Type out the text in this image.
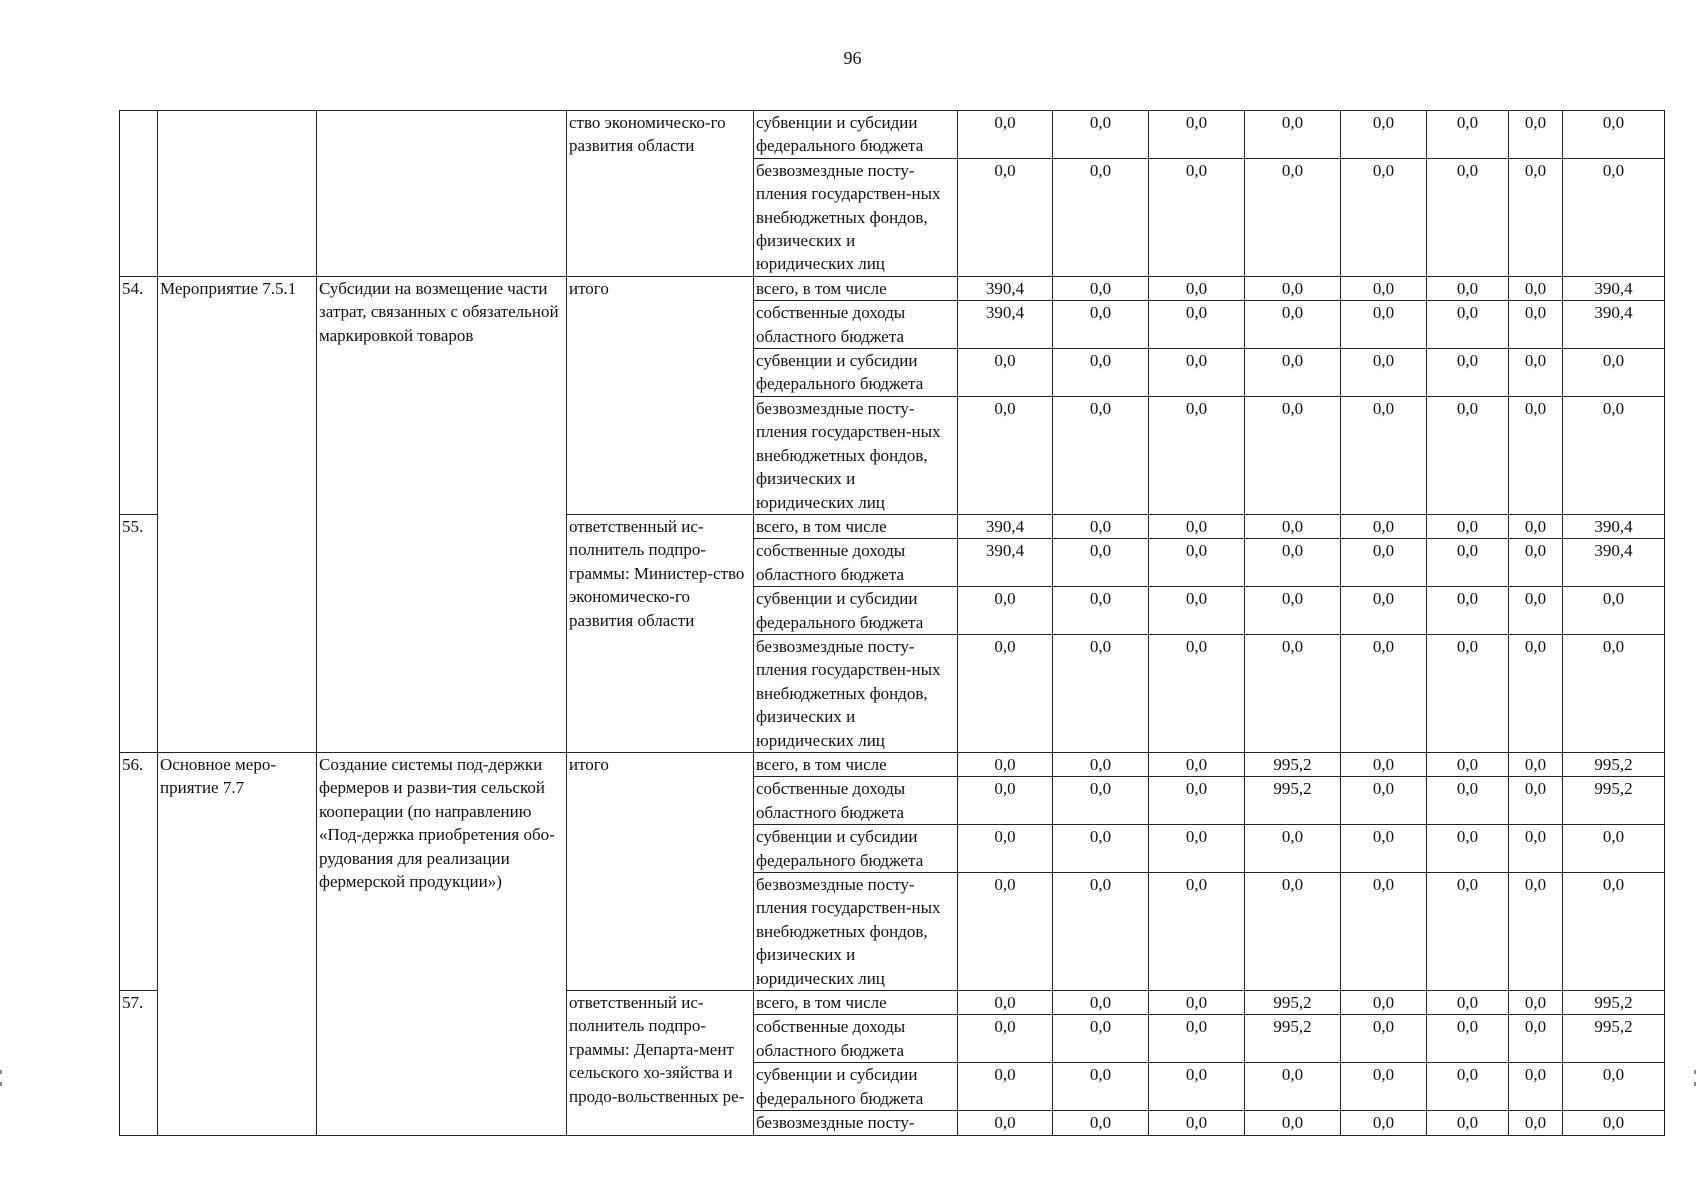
96
			ство экономическо-го развития области	субвенции и субсидии федерального бюджета	0,0	0,0	0,0	0,0	0,0	0,0	0,0	0,0
				безвозмездные посту-пления государствен-ных внебюджетных фондов, физических и юридических лиц	0,0	0,0	0,0	0,0	0,0	0,0	0,0	0,0
54.	Мероприятие 7.5.1	Субсидии на возмещение части затрат, связанных с обязательной маркировкой товаров	итого	всего, в том числе	390,4	0,0	0,0	0,0	0,0	0,0	0,0	390,4
				собственные доходы областного бюджета	390,4	0,0	0,0	0,0	0,0	0,0	0,0	390,4
				субвенции и субсидии федерального бюджета	0,0	0,0	0,0	0,0	0,0	0,0	0,0	0,0
				безвозмездные посту-пления государствен-ных внебюджетных фондов, физических и юридических лиц	0,0	0,0	0,0	0,0	0,0	0,0	0,0	0,0
55.			ответственный ис-полнитель подпро-граммы: Министер-ство экономическо-го развития области	всего, в том числе	390,4	0,0	0,0	0,0	0,0	0,0	0,0	390,4
				собственные доходы областного бюджета	390,4	0,0	0,0	0,0	0,0	0,0	0,0	390,4
				субвенции и субсидии федерального бюджета	0,0	0,0	0,0	0,0	0,0	0,0	0,0	0,0
				безвозмездные посту-пления государствен-ных внебюджетных фондов, физических и юридических лиц	0,0	0,0	0,0	0,0	0,0	0,0	0,0	0,0
56.	Основное меро-приятие 7.7	Создание системы под-держки фермеров и разви-тия сельской кооперации (по направлению «Под-держка приобретения обо-рудования для реализации фермерской продукции»)	итого	всего, в том числе	0,0	0,0	0,0	995,2	0,0	0,0	0,0	995,2
				собственные доходы областного бюджета	0,0	0,0	0,0	995,2	0,0	0,0	0,0	995,2
				субвенции и субсидии федерального бюджета	0,0	0,0	0,0	0,0	0,0	0,0	0,0	0,0
				безвозмездные посту-пления государствен-ных внебюджетных фондов, физических и юридических лиц	0,0	0,0	0,0	0,0	0,0	0,0	0,0	0,0
57.			ответственный ис-полнитель подпро-граммы: Департа-мент сельского хо-зяйства и продо-вольственных ре-	всего, в том числе	0,0	0,0	0,0	995,2	0,0	0,0	0,0	995,2
				собственные доходы областного бюджета	0,0	0,0	0,0	995,2	0,0	0,0	0,0	995,2
				субвенции и субсидии федерального бюджета	0,0	0,0	0,0	0,0	0,0	0,0	0,0	0,0
				безвозмездные посту-	0,0	0,0	0,0	0,0	0,0	0,0	0,0	0,0
